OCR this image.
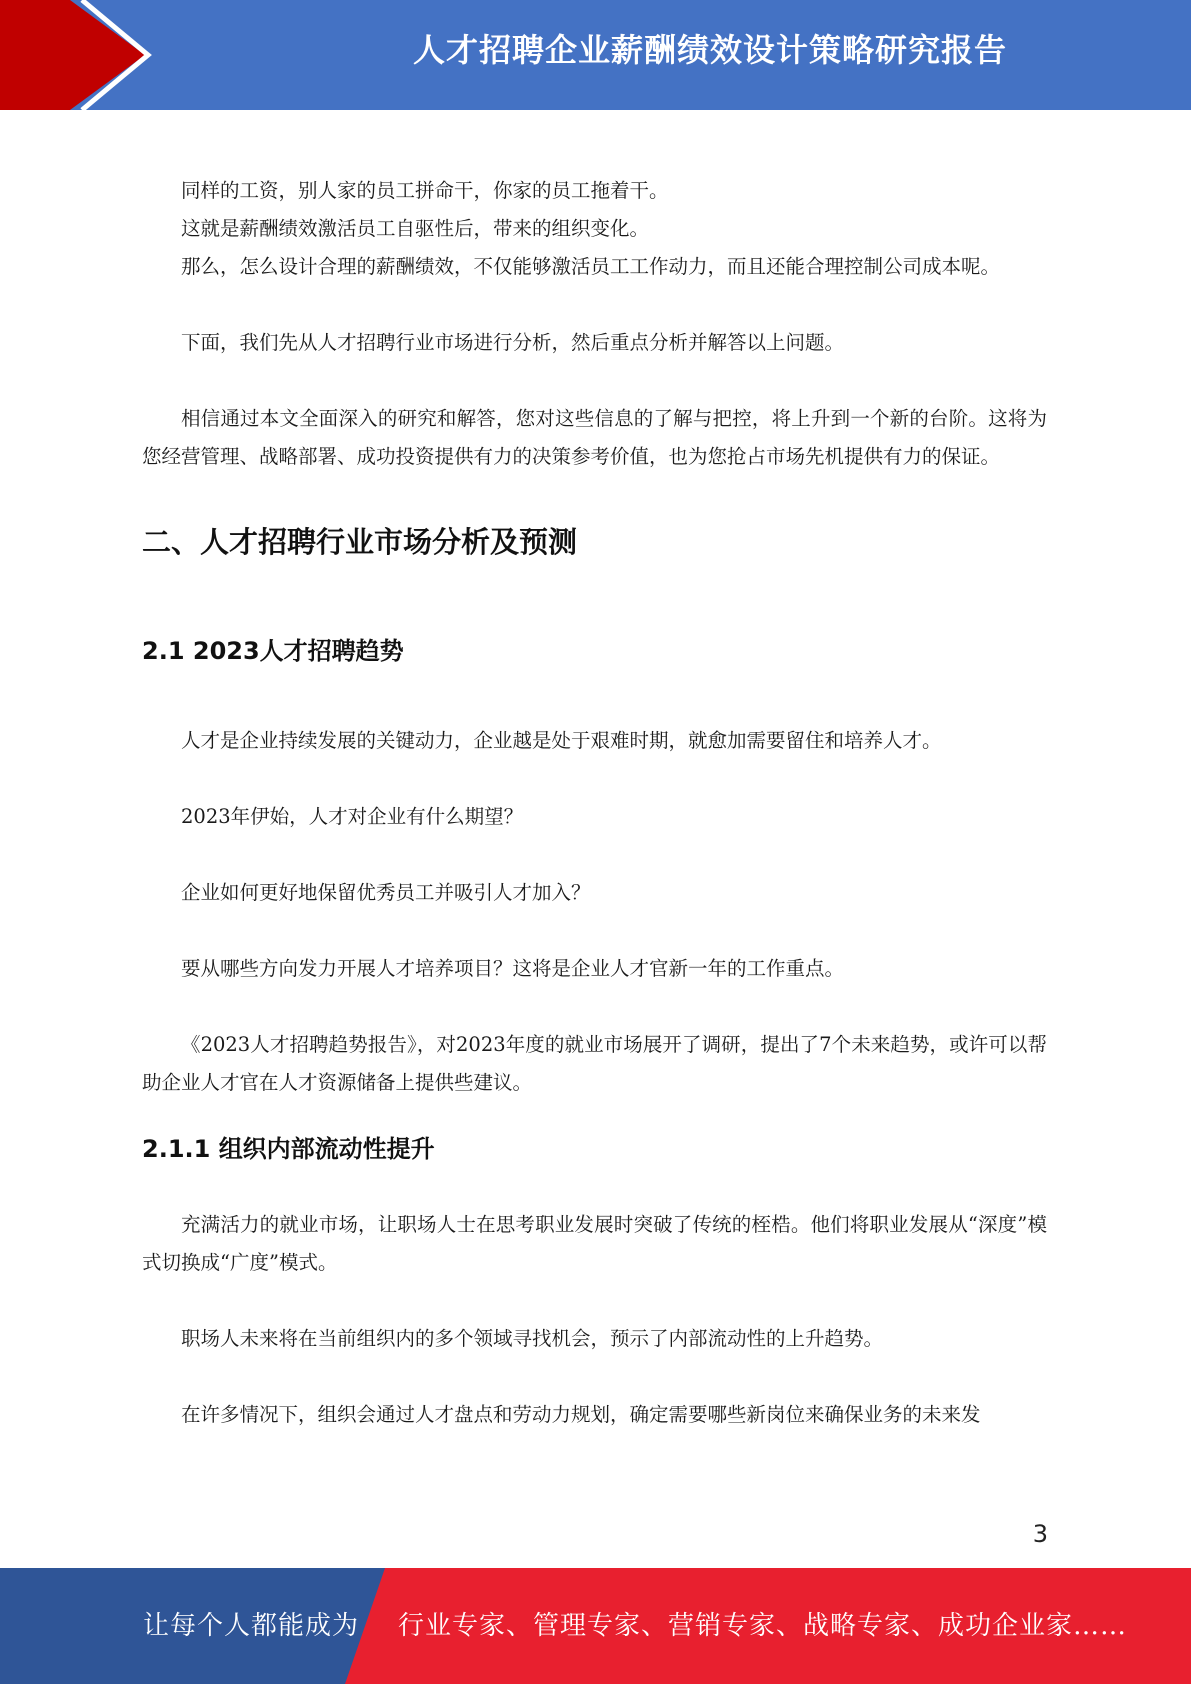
人才招聘企业薪酬绩效设计策略研究报告

同样的工资，别人家的员工拼命干，你家的员工拖着干。

这就是薪酬绩效激活员工自驱性后，带来的组织变化。

那么，怎么设计合理的薪酬绩效，不仅能够激活员工工作动力，而且还能合理控制公司成本呢。

下面，我们先从人才招聘行业市场进行分析，然后重点分析并解答以上问题。

相信通过本文全面深入的研究和解答，您对这些信息的了解与把控，将上升到一个新的台阶。这将为您经营管理、战略部署、成功投资提供有力的决策参考价值，也为您抢占市场先机提供有力的保证。

二、人才招聘行业市场分析及预测
2.1 2023人才招聘趋势

人才是企业持续发展的关键动力，企业越是处于艰难时期，就愈加需要留住和培养人才。

2023年伊始，人才对企业有什么期望？

企业如何更好地保留优秀员工并吸引人才加入？

要从哪些方向发力开展人才培养项目？这将是企业人才官新一年的工作重点。

《2023人才招聘趋势报告》，对2023年度的就业市场展开了调研，提出了7个未来趋势，或许可以帮助企业人才官在人才资源储备上提供些建议。

2.1.1 组织内部流动性提升

充满活力的就业市场，让职场人士在思考职业发展时突破了传统的桎梏。他们将职业发展从“深度”模式切换成“广度”模式。

职场人未来将在当前组织内的多个领域寻找机会，预示了内部流动性的上升趋势。

在许多情况下，组织会通过人才盘点和劳动力规划，确定需要哪些新岗位来确保业务的未来发

3
让每个人都能成为 行业专家、管理专家、营销专家、战略专家、成功企业家……
